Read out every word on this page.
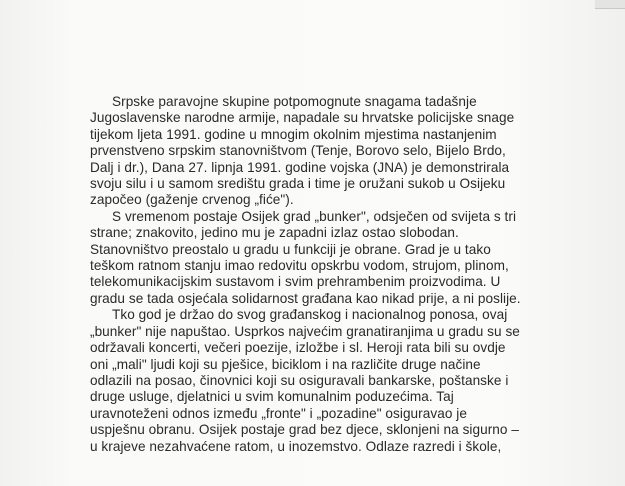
Srpske paravojne skupine potpomognute snagama tadašnje
Jugoslavenske narodne armije, napadale su hrvatske policijske snage
tijekom ljeta 1991. godine u mnogim okolnim mjestima nastanjenim
prvenstveno srpskim stanovništvom (Tenje, Borovo selo, Bijelo Brdo,
Dalj i dr.), Dana 27. lipnja 1991. godine vojska (JNA) je demonstrirala
svoju silu i u samom središtu grada i time je oružani sukob u Osijeku
započeo (gaženje crvenog „fiće").

S vremenom postaje Osijek grad „bunker", odsječen od svijeta s tri
strane; znakovito, jedino mu je zapadni izlaz ostao slobodan.

Stanovništvo preostalo u gradu u funkciji je obrane. Grad je u tako
teškom ratnom stanju imao redovitu opskrbu vodom, strujom, plinom,
telekomunikacijskim sustavom i svim prehrambenim proizvodima. U
gradu se tada osjećala solidarnost građana kao nikad prije, a ni poslije.

Tko god je držao do svog građanskog i nacionalnog ponosa, ovaj
„bunker" nije napuštao. Usprkos najvećim granatiranjima u gradu su se
održavali koncerti, večeri poezije, izložbe i sl. Heroji rata bili su ovdje
oni „mali" ljudi koji su pješice, biciklom i na različite druge načine
odlazili na posao, činovnici koji su osiguravali bankarske, poštanske i
druge usluge, djelatnici u svim komunalnim poduzećima. Taj
uravnoteženi odnos između „fronte" i „pozadine" osiguravao je
uspješnu obranu. Osijek postaje grad bez djece, sklonjeni na sigurno –
u krajeve nezahvaćene ratom, u inozemstvo. Odlaze razredi i škole,
